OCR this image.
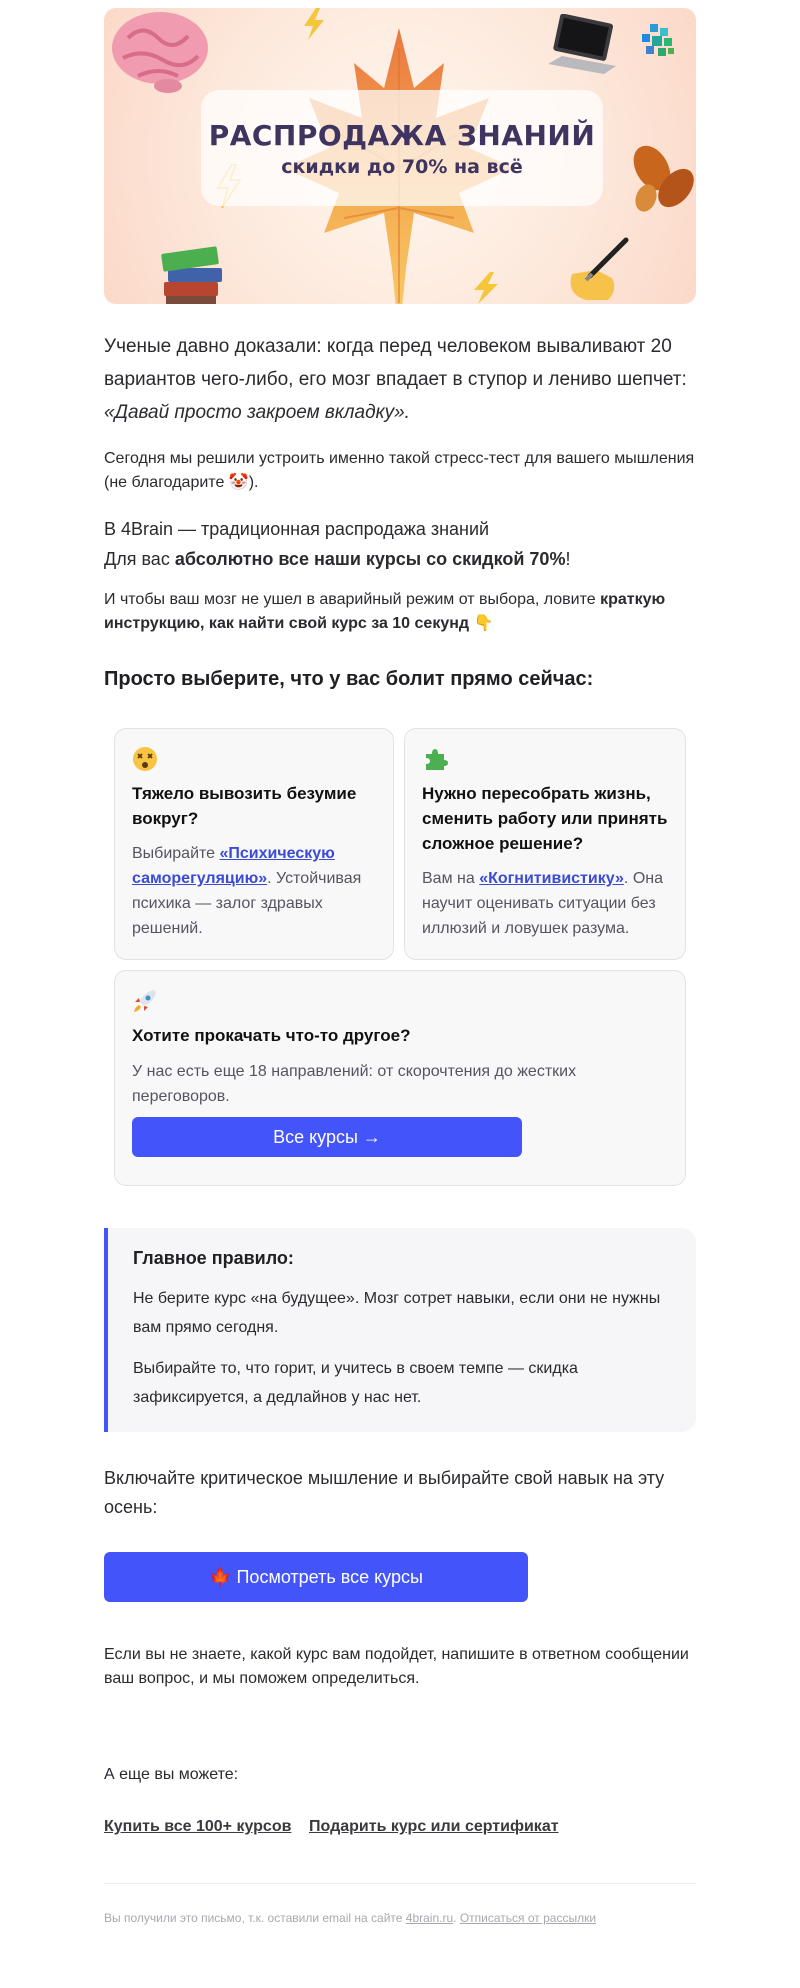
РАСПРОДАЖА ЗНАНИЙ
скидки до 70% на всё
Ученые давно доказали: когда перед человеком вываливают 20 вариантов чего-либо, его мозг впадает в ступор и лениво шепчет: «Давай просто закроем вкладку».
Сегодня мы решили устроить именно такой стресс-тест для вашего мышления (не благодарите 🤡).
В 4Brain — традиционная распродажа знаний
Для вас абсолютно все наши курсы со скидкой 70%!
И чтобы ваш мозг не ушел в аварийный режим от выбора, ловите краткую инструкцию, как найти свой курс за 10 секунд 👇
Просто выберите, что у вас болит прямо сейчас:
Тяжело вывозить безумие вокруг?
Выбирайте «Психическую саморегуляцию». Устойчивая психика — залог здравых решений.
Нужно пересобрать жизнь, сменить работу или принять сложное решение?
Вам на «Когнитивистику». Она научит оценивать ситуации без иллюзий и ловушек разума.
Хотите прокачать что-то другое?
У нас есть еще 18 направлений: от скорочтения до жестких переговоров.
Все курсы →
Главное правило:
Не берите курс «на будущее». Мозг сотрет навыки, если они не нужны вам прямо сегодня.
Выбирайте то, что горит, и учитесь в своем темпе — скидка зафиксируется, а дедлайнов у нас нет.
Включайте критическое мышление и выбирайте свой навык на эту осень:
🍁 Посмотреть все курсы
Если вы не знаете, какой курс вам подойдет, напишите в ответном сообщении ваш вопрос, и мы поможем определиться.
А еще вы можете:
Купить все 100+ курсов Подарить курс или сертификат
Вы получили это письмо, т.к. оставили email на сайте 4brain.ru. Отписаться от рассылки
